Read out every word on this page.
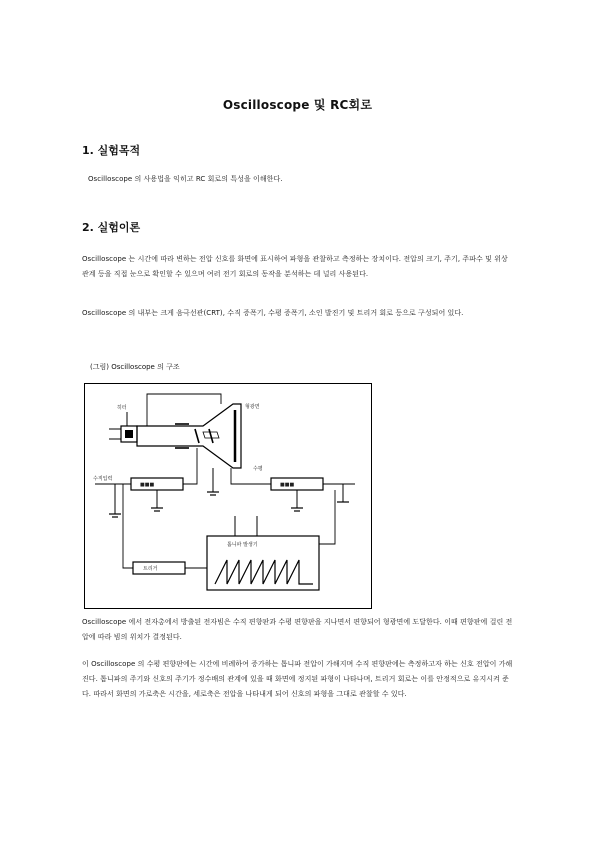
Oscilloscope 및 RC회로
1. 실험목적
Oscilloscope 의 사용법을 익히고 RC 회로의 특성을 이해한다.
2. 실험이론
Oscilloscope 는 시간에 따라 변하는 전압 신호를 화면에 표시하여 파형을 관찰하고 측정하는 장치이다. 전압의 크기, 주기, 주파수 및 위상 관계 등을 직접 눈으로 확인할 수 있으며 여러 전기 회로의 동작을 분석하는 데 널리 사용된다.
Oscilloscope 의 내부는 크게 음극선관(CRT), 수직 증폭기, 수평 증폭기, 소인 발진기 및 트리거 회로 등으로 구성되어 있다.
(그림) Oscilloscope 의 구조
히터	형광면
■■■
수직입력
■■■
수평
트리거
톱니파 발생기
Oscilloscope 에서 전자총에서 방출된 전자빔은 수직 편향판과 수평 편향판을 지나면서 편향되어 형광면에 도달한다. 이때 편향판에 걸린 전압에 따라 빔의 위치가 결정된다.
이 Oscilloscope 의 수평 편향판에는 시간에 비례하여 증가하는 톱니파 전압이 가해지며 수직 편향판에는 측정하고자 하는 신호 전압이 가해진다. 톱니파의 주기와 신호의 주기가 정수배의 관계에 있을 때 화면에 정지된 파형이 나타나며, 트리거 회로는 이를 안정적으로 유지시켜 준다. 따라서 화면의 가로축은 시간을, 세로축은 전압을 나타내게 되어 신호의 파형을 그대로 관찰할 수 있다.
